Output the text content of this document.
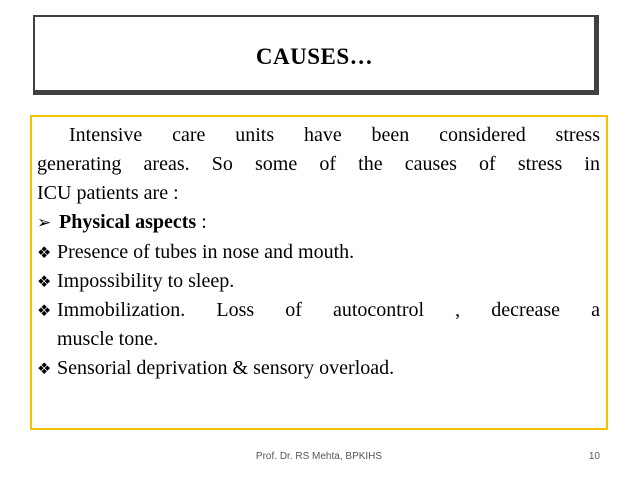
CAUSES…

Intensive care units have been considered stress
generating areas. So some of the causes of stress in
ICU patients are :

➢ Physical aspects :
❖ Presence of tubes in nose and mouth.
❖ Impossibility to sleep.
❖ Immobilization. Loss of autocontrol , decrease a

muscle tone.

❖ Sensorial deprivation & sensory overload.
Prof. Dr. RS Mehta, BPKIHS	10
